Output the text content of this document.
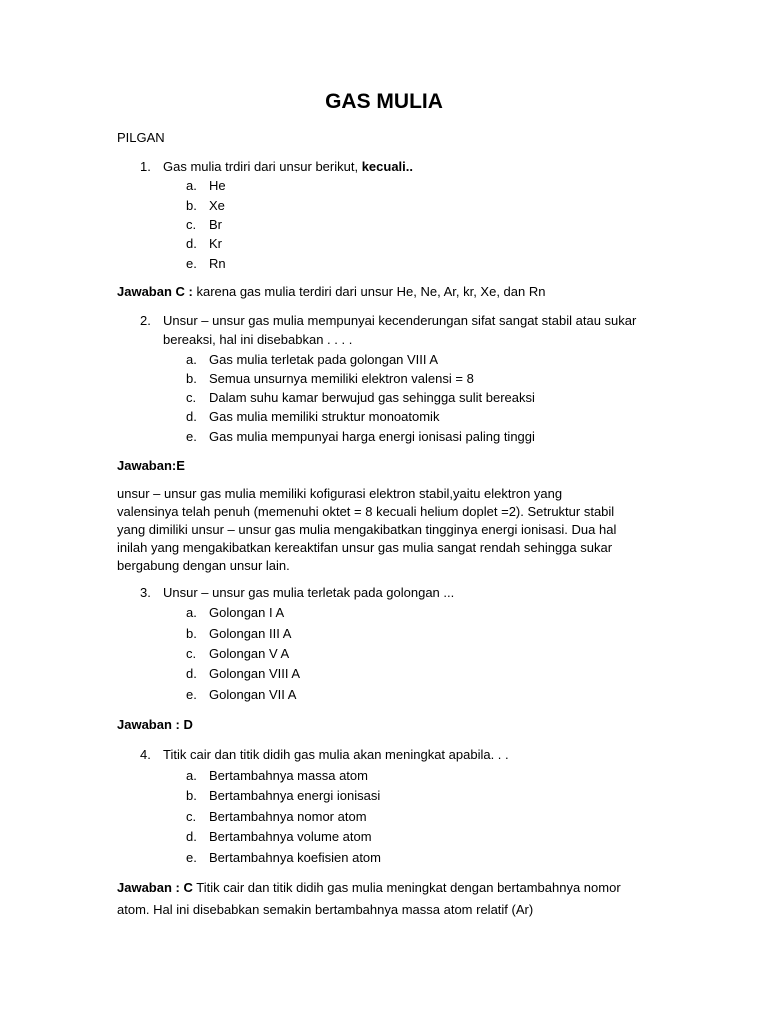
GAS MULIA
PILGAN
1. Gas mulia trdiri dari unsur berikut, kecuali..
a. He
b. Xe
c. Br
d. Kr
e. Rn
Jawaban C : karena gas mulia terdiri dari unsur He, Ne, Ar, kr, Xe, dan Rn
2. Unsur – unsur gas mulia mempunyai kecenderungan sifat sangat stabil atau sukar
bereaksi, hal ini disebabkan . . . .
a. Gas mulia terletak pada golongan VIII A
b. Semua unsurnya memiliki elektron valensi = 8
c. Dalam suhu kamar berwujud gas sehingga sulit bereaksi
d. Gas mulia memiliki struktur monoatomik
e. Gas mulia mempunyai harga energi ionisasi paling tinggi
Jawaban:E
unsur – unsur gas mulia memiliki kofigurasi elektron stabil,yaitu elektron yang
valensinya telah penuh (memenuhi oktet = 8 kecuali helium doplet =2). Setruktur stabil
yang dimiliki unsur – unsur gas mulia mengakibatkan tingginya energi ionisasi. Dua hal
inilah yang mengakibatkan kereaktifan unsur gas mulia sangat rendah sehingga sukar
bergabung dengan unsur lain.
3. Unsur – unsur gas mulia terletak pada golongan ...
a. Golongan I A
b. Golongan III A
c. Golongan V A
d. Golongan VIII A
e. Golongan VII A
Jawaban : D
4. Titik cair dan titik didih gas mulia akan meningkat apabila. . .
a. Bertambahnya massa atom
b. Bertambahnya energi ionisasi
c. Bertambahnya nomor atom
d. Bertambahnya volume atom
e. Bertambahnya koefisien atom
Jawaban : C Titik cair dan titik didih gas mulia meningkat dengan bertambahnya nomor
atom. Hal ini disebabkan semakin bertambahnya massa atom relatif (Ar)
